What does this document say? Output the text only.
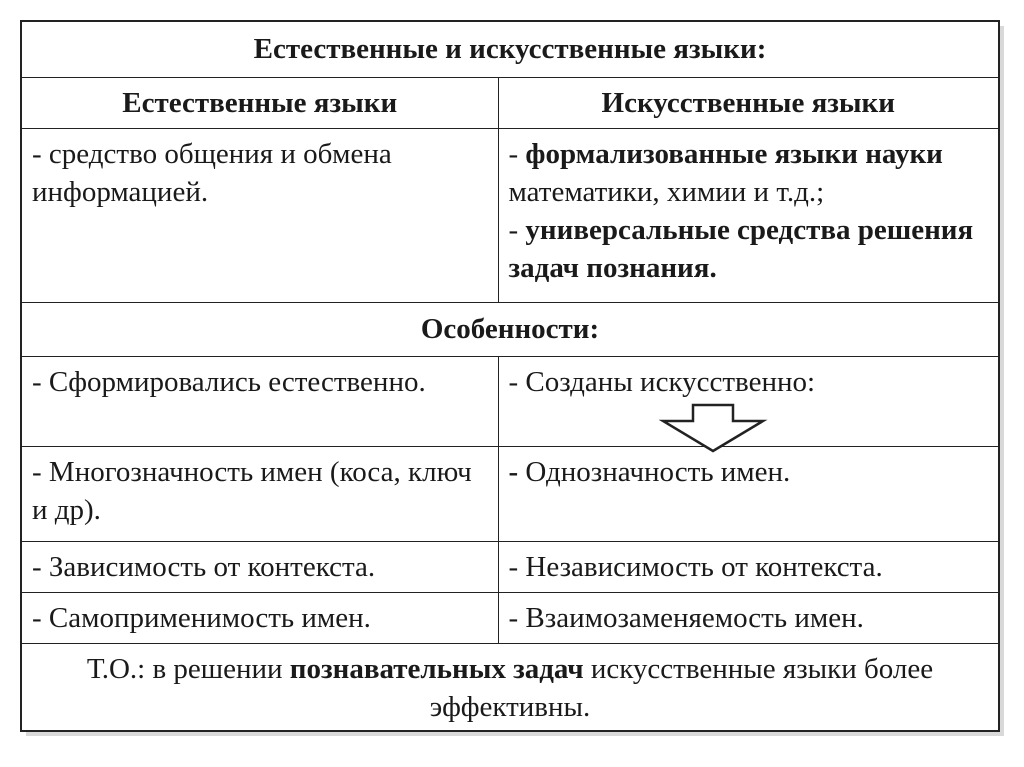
Естественные и искусственные языки:	
Естественные языки	Искусственные языки
- средство общения и обмена информацией.	- формализованные языки науки математики, химии и т.д.;
- универсальные средства решения задач познания.
Особенности:	
- Сформировались естественно.	- Созданы искусственно:

- Многозначность имен (коса, ключ и др).	- Однозначность имен.
- Зависимость от контекста.	- Независимость от контекста.
- Самоприменимость имен.	- Взаимозаменяемость имен.
Т.О.: в решении познавательных задач искусственные языки более эффективны.	
